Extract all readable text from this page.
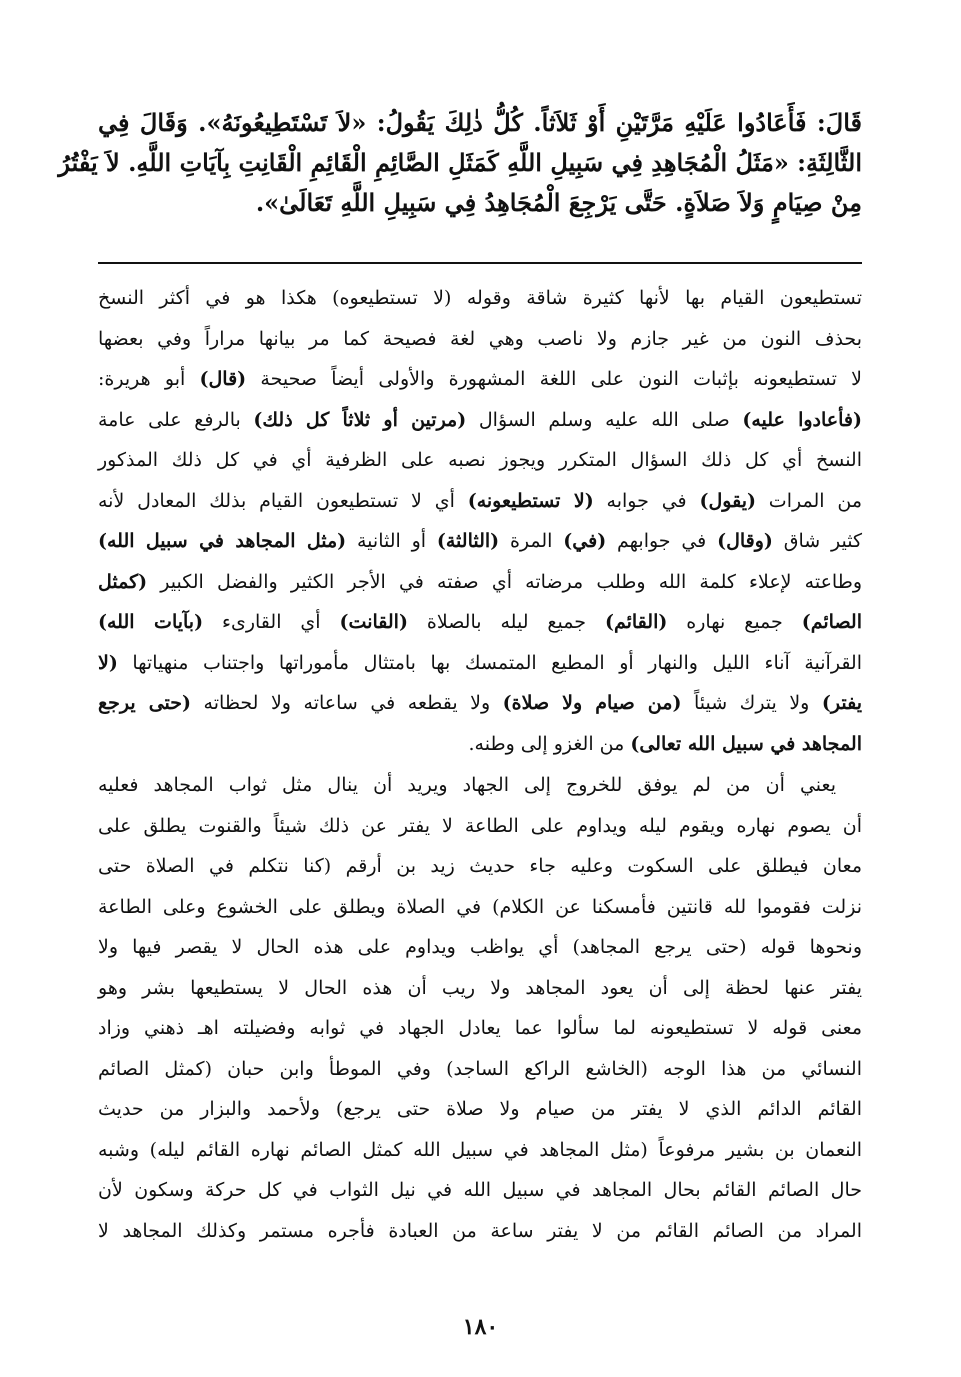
قَالَ: فَأَعَادُوا عَلَيْهِ مَرَّتَيْنِ أَوْ ثَلاَثاً. كُلُّ ذٰلِكَ يَقُولُ: «لاَ تَسْتَطِيعُونَهُ». وَقَالَ فِي
الثَّالِثَةِ: «مَثَلُ الْمُجَاهِدِ فِي سَبِيلِ اللَّهِ كَمَثَلِ الصَّائِمِ الْقَائِمِ الْقَانِتِ بِآيَاتِ اللَّهِ. لاَ يَفْتُرُ
مِنْ صِيَامٍ وَلاَ صَلاَةٍ. حَتَّى يَرْجِعَ الْمُجَاهِدُ فِي سَبِيلِ اللَّهِ تَعَالَىٰ».
تستطيعون القيام بها لأنها كثيرة شاقة وقوله (لا تستطيعوه) هكذا هو في أكثر النسخ
بحذف النون من غير جازم ولا ناصب وهي لغة فصيحة كما مر بيانها مراراً وفي بعضها
لا تستطيعونه بإثبات النون على اللغة المشهورة والأولى أيضاً صحيحة (قال) أبو هريرة:
(فأعادوا عليه) صلى الله عليه وسلم السؤال (مرتين أو ثلاثاً كل ذلك) بالرفع على عامة
النسخ أي كل ذلك السؤال المتكرر ويجوز نصبه على الظرفية أي في كل ذلك المذكور
من المرات (يقول) في جوابه (لا تستطيعونه) أي لا تستطيعون القيام بذلك المعادل لأنه
كثير شاق (وقال) في جوابهم (في) المرة (الثالثة) أو الثانية (مثل المجاهد في سبيل الله)
وطاعته لإعلاء كلمة الله وطلب مرضاته أي صفته في الأجر الكثير والفضل الكبير (كمثل
الصائم) جميع نهاره (القائم) جميع ليله بالصلاة (القانت) أي القارىء (بآيات الله)
القرآنية آناء الليل والنهار أو المطيع المتمسك بها بامتثال مأموراتها واجتناب منهياتها (لا
يفتر) ولا يترك شيئاً (من صيام ولا صلاة) ولا يقطعه في ساعاته ولا لحظاته (حتى يرجع
المجاهد في سبيل الله تعالى) من الغزو إلى وطنه.
يعني أن من لم يوفق للخروج إلى الجهاد ويريد أن ينال مثل ثواب المجاهد فعليه
أن يصوم نهاره ويقوم ليله ويداوم على الطاعة لا يفتر عن ذلك شيئاً والقنوت يطلق على
معان فيطلق على السكوت وعليه جاء حديث زيد بن أرقم (كنا نتكلم في الصلاة حتى
نزلت فقوموا لله قانتين فأمسكنا عن الكلام) في الصلاة ويطلق على الخشوع وعلى الطاعة
ونحوها قوله (حتى يرجع المجاهد) أي يواظب ويداوم على هذه الحال لا يقصر فيها ولا
يفتر عنها لحظة إلى أن يعود المجاهد ولا ريب أن هذه الحال لا يستطيعها بشر وهو
معنى قوله لا تستطيعونه لما سألوا عما يعادل الجهاد في ثوابه وفضيلته اهـ ذهني وزاد
النسائي من هذا الوجه (الخاشع الراكع الساجد) وفي الموطأ وابن حبان (كمثل الصائم
القائم الدائم الذي لا يفتر من صيام ولا صلاة حتى يرجع) ولأحمد والبزار من حديث
النعمان بن بشير مرفوعاً (مثل المجاهد في سبيل الله كمثل الصائم نهاره القائم ليله) وشبه
حال الصائم القائم بحال المجاهد في سبيل الله في نيل الثواب في كل حركة وسكون لأن
المراد من الصائم القائم من لا يفتر ساعة من العبادة فأجره مستمر وكذلك المجاهد لا
١٨٠
